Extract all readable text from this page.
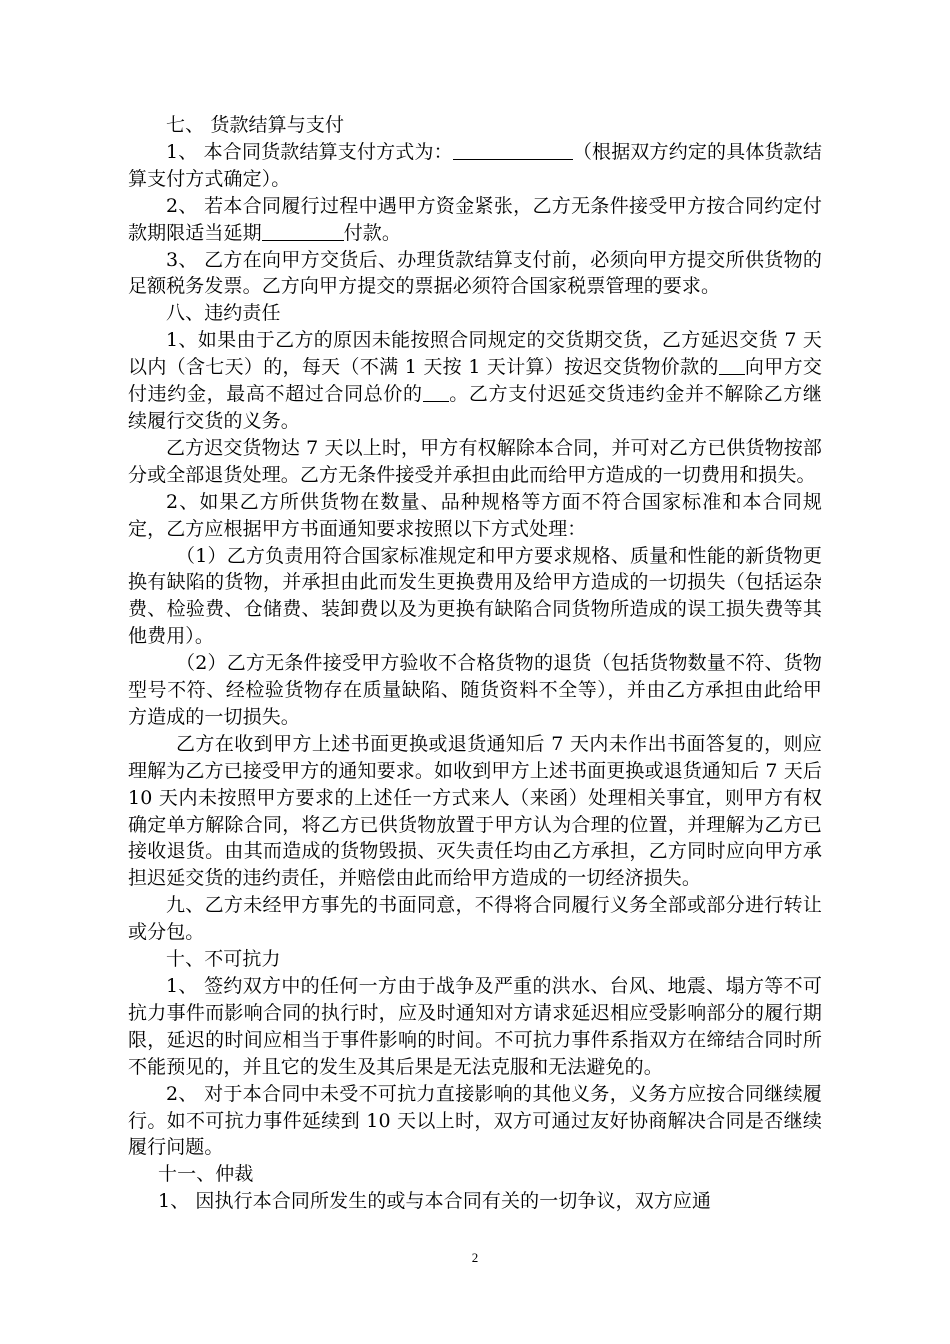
七、 货款结算与支付

1、 本合同货款结算支付方式为：	（根据双方约定的具体货款结算支付方式确定）。

2、 若本合同履行过程中遇甲方资金紧张，乙方无条件接受甲方按合同约定付款期限适当延期	付款。

3、 乙方在向甲方交货后、办理货款结算支付前，必须向甲方提交所供货物的足额税务发票。乙方向甲方提交的票据必须符合国家税票管理的要求。

八、违约责任

1、如果由于乙方的原因未能按照合同规定的交货期交货，乙方延迟交货 7 天以内（含七天）的，每天（不满 1 天按 1 天计算）按迟交货物价款的 向甲方交付违约金，最高不超过合同总价的 。乙方支付迟延交货违约金并不解除乙方继续履行交货的义务。

乙方迟交货物达 7 天以上时，甲方有权解除本合同，并可对乙方已供货物按部分或全部退货处理。乙方无条件接受并承担由此而给甲方造成的一切费用和损失。

2、如果乙方所供货物在数量、品种规格等方面不符合国家标准和本合同规定，乙方应根据甲方书面通知要求按照以下方式处理：

（1）乙方负责用符合国家标准规定和甲方要求规格、质量和性能的新货物更换有缺陷的货物，并承担由此而发生更换费用及给甲方造成的一切损失（包括运杂费、检验费、仓储费、装卸费以及为更换有缺陷合同货物所造成的误工损失费等其他费用）。

（2）乙方无条件接受甲方验收不合格货物的退货（包括货物数量不符、货物型号不符、经检验货物存在质量缺陷、随货资料不全等），并由乙方承担由此给甲方造成的一切损失。

乙方在收到甲方上述书面更换或退货通知后 7 天内未作出书面答复的，则应理解为乙方已接受甲方的通知要求。如收到甲方上述书面更换或退货通知后 7 天后 10 天内未按照甲方要求的上述任一方式来人（来函）处理相关事宜，则甲方有权确定单方解除合同，将乙方已供货物放置于甲方认为合理的位置，并理解为乙方已接收退货。由其而造成的货物毁损、灭失责任均由乙方承担，乙方同时应向甲方承担迟延交货的违约责任，并赔偿由此而给甲方造成的一切经济损失。

九、乙方未经甲方事先的书面同意，不得将合同履行义务全部或部分进行转让或分包。

十、不可抗力

1、 签约双方中的任何一方由于战争及严重的洪水、台风、地震、塌方等不可抗力事件而影响合同的执行时，应及时通知对方请求延迟相应受影响部分的履行期限，延迟的时间应相当于事件影响的时间。不可抗力事件系指双方在缔结合同时所不能预见的，并且它的发生及其后果是无法克服和无法避免的。

2、 对于本合同中未受不可抗力直接影响的其他义务，义务方应按合同继续履行。如不可抗力事件延续到 10 天以上时，双方可通过友好协商解决合同是否继续履行问题。

十一、仲裁

1、 因执行本合同所发生的或与本合同有关的一切争议，双方应通

2
